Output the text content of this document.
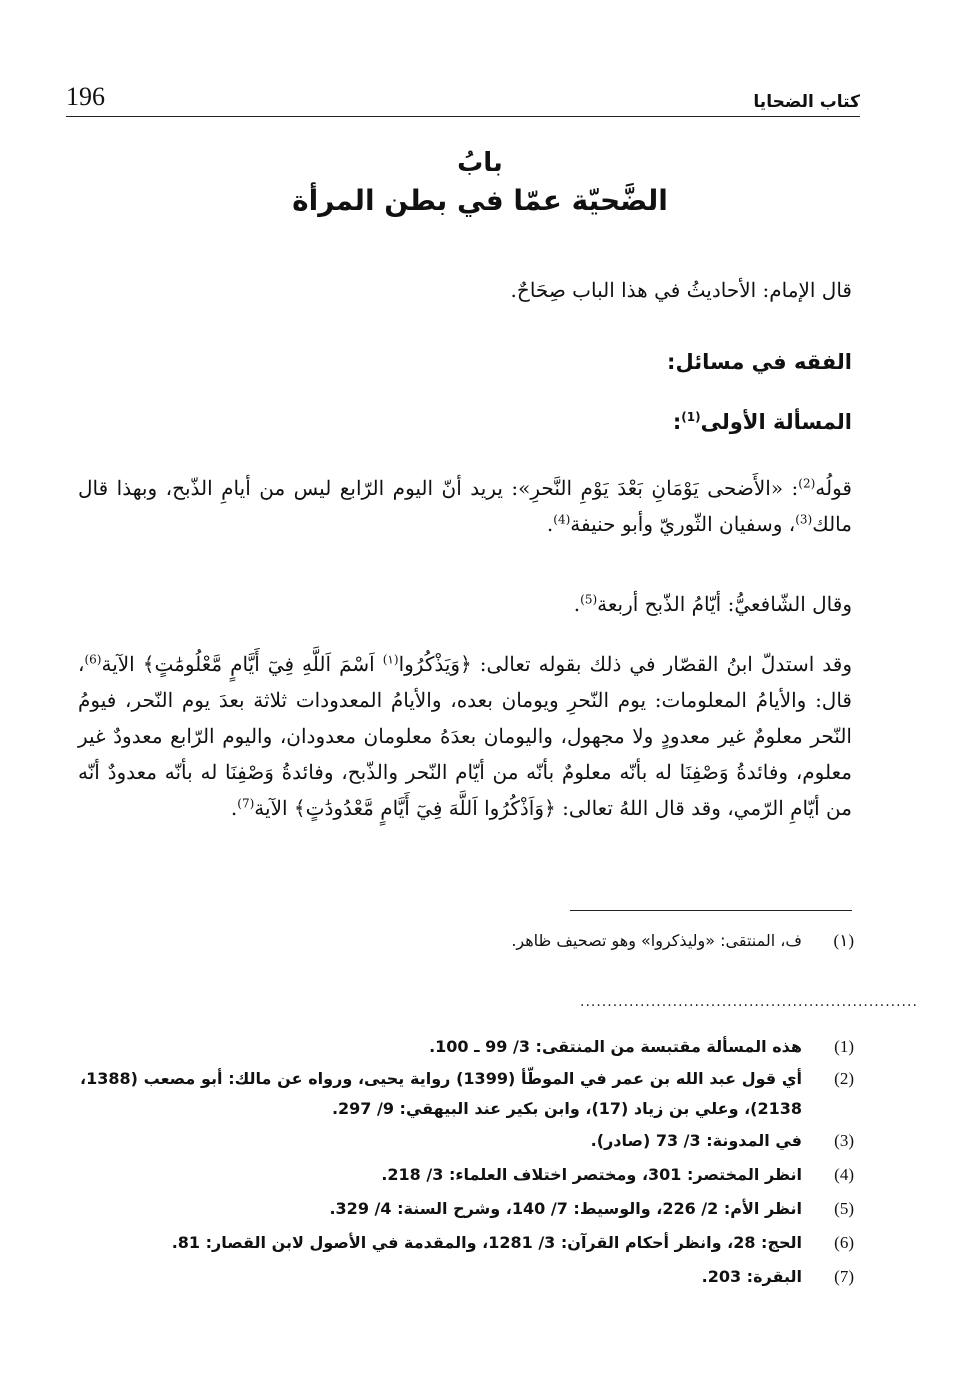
196	كتاب الضحايا
بابُ
الضَّحيّة عمّا في بطن المرأة
قال الإمام: الأحاديثُ في هذا الباب صِحَاحٌ.
الفقه في مسائل:
المسألة الأولى$^{(1)}$:
قولُه$^{(2)}$: «الأَضحى يَوْمَانِ بَعْدَ يَوْمِ النَّحرِ»: يريد أنّ اليوم الرّابع ليس من أيامِ الذّبح، وبهذا قال مالك$^{(3)}$، وسفيان الثّوريّ وأبو حنيفة$^{(4)}$.
وقال الشّافعيُّ: أيّامُ الذّبح أربعة$^{(5)}$.
وقد استدلّ ابنُ القصّار في ذلك بقوله تعالى: ﴿وَيَذْكُرُوا$^{(١)}$ اَسْمَ اَللَّهِ فِيٓ أَيَّامٍ مَّعْلُومَٰتٍ﴾ الآية$^{(6)}$، قال: والأيامُ المعلومات: يوم النّحرِ ويومان بعده، والأيامُ المعدودات ثلاثة بعدَ يوم النّحر، فيومُ النّحر معلومٌ غير معدودٍ ولا مجهول، واليومان بعدَهُ معلومان معدودان، واليوم الرّابع معدودٌ غير معلوم، وفائدةُ وَصْفِنَا له بأنّه معلومٌ بأنّه من أيّام النّحر والذّبح، وفائدةُ وَصْفِنَا له بأنّه معدودٌ أنّه من أيّامِ الرّمي، وقد قال اللهُ تعالى: ﴿وَاَذْكُرُوا اَللَّهَ فِيٓ أَيَّامٍ مَّعْدُودَٰتٍ﴾ الآية$^{(7)}$.
(١)
ف، المنتقى: «وليذكروا» وهو تصحيف ظاهر.
..............................................................
(1)
هذه المسألة مقتبسة من المنتقى: 3/ 99 ـ 100.
(2)
أي قول عبد الله بن عمر في الموطّأ (1399) رواية يحيى، ورواه عن مالك: أبو مصعب (1388، 2138)، وعلي بن زياد (17)، وابن بكير عند البيهقي: 9/ 297.
(3)
في المدونة: 3/ 73 (صادر).
(4)
انظر المختصر: 301، ومختصر اختلاف العلماء: 3/ 218.
(5)
انظر الأم: 2/ 226، والوسيط: 7/ 140، وشرح السنة: 4/ 329.
(6)
الحج: 28، وانظر أحكام القرآن: 3/ 1281، والمقدمة في الأصول لابن القصار: 81.
(7)
البقرة: 203.
